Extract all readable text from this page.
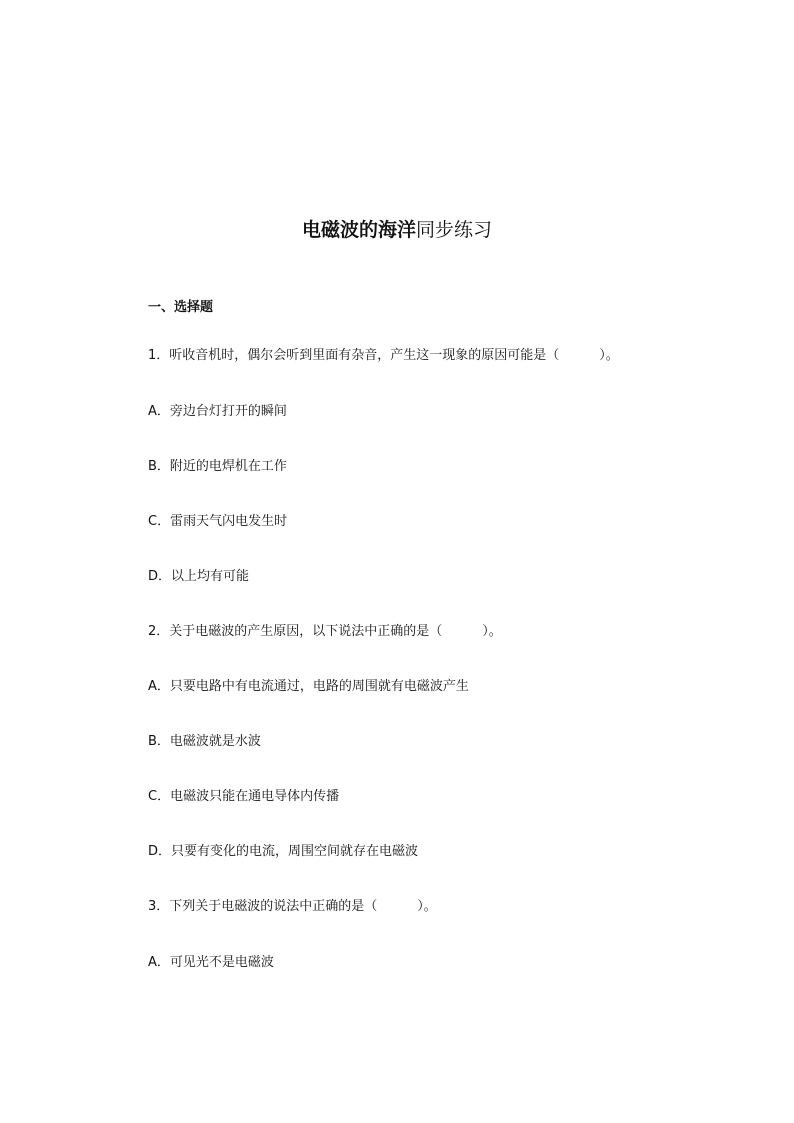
电磁波的海洋同步练习
一、选择题
1．听收音机时，偶尔会听到里面有杂音，产生这一现象的原因可能是（	）。
A．旁边台灯打开的瞬间
B．附近的电焊机在工作
C．雷雨天气闪电发生时
D．以上均有可能
2．关于电磁波的产生原因，以下说法中正确的是（	）。
A．只要电路中有电流通过，电路的周围就有电磁波产生
B．电磁波就是水波
C．电磁波只能在通电导体内传播
D．只要有变化的电流，周围空间就存在电磁波
3．下列关于电磁波的说法中正确的是（	）。
A．可见光不是电磁波
